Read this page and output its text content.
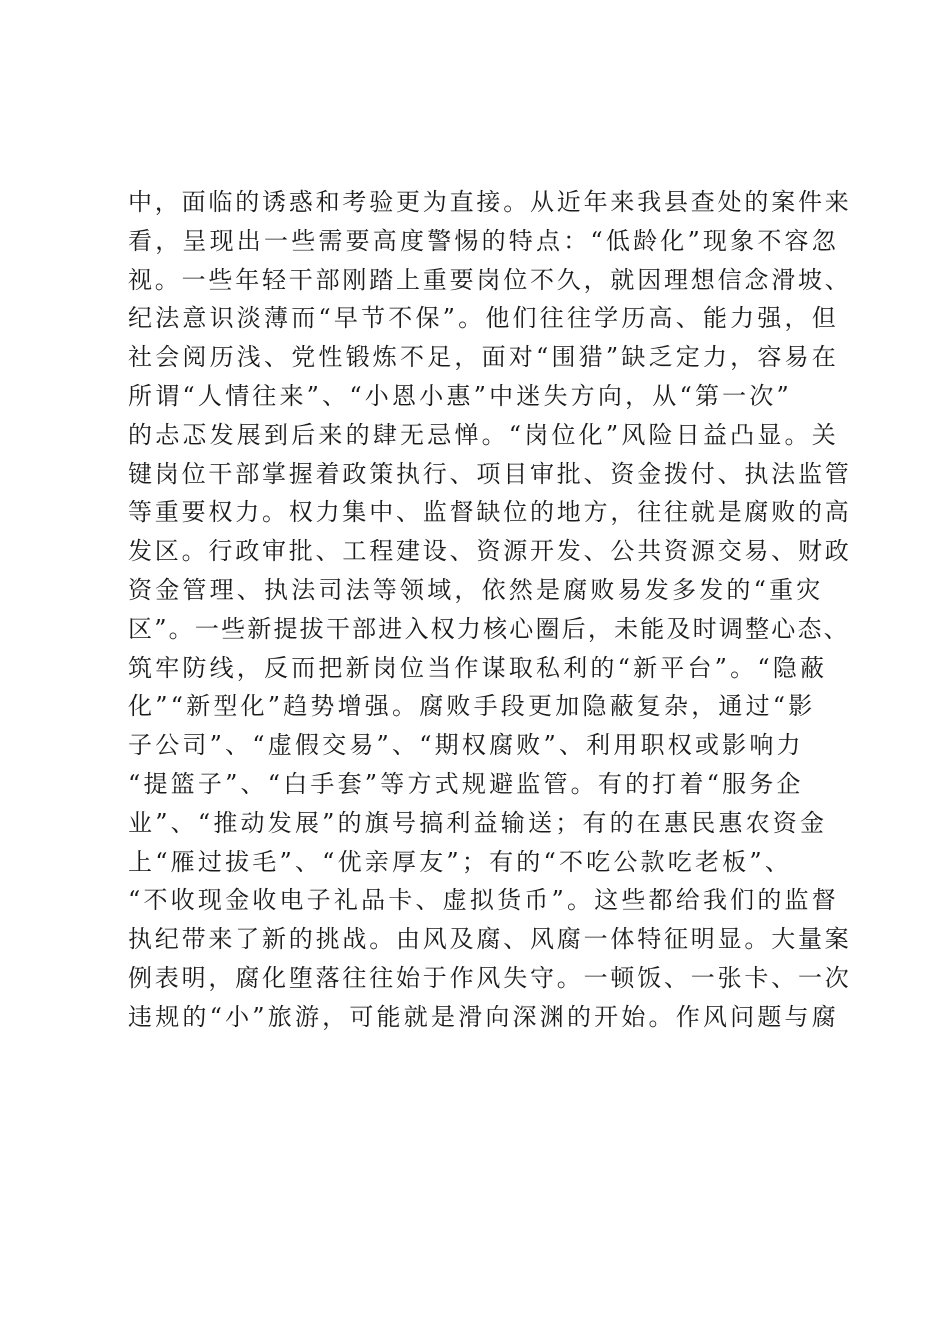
中，面临的诱惑和考验更为直接。从近年来我县查处的案件来
看，呈现出一些需要高度警惕的特点：“低龄化”现象不容忽
视。一些年轻干部刚踏上重要岗位不久，就因理想信念滑坡、
纪法意识淡薄而“早节不保”。他们往往学历高、能力强，但
社会阅历浅、党性锻炼不足，面对“围猎”缺乏定力，容易在
所谓“人情往来”、“小恩小惠”中迷失方向，从“第一次”
的忐忑发展到后来的肆无忌惮。“岗位化”风险日益凸显。关
键岗位干部掌握着政策执行、项目审批、资金拨付、执法监管
等重要权力。权力集中、监督缺位的地方，往往就是腐败的高
发区。行政审批、工程建设、资源开发、公共资源交易、财政
资金管理、执法司法等领域，依然是腐败易发多发的“重灾
区”。一些新提拔干部进入权力核心圈后，未能及时调整心态、
筑牢防线，反而把新岗位当作谋取私利的“新平台”。“隐蔽
化”“新型化”趋势增强。腐败手段更加隐蔽复杂，通过“影
子公司”、“虚假交易”、“期权腐败”、利用职权或影响力
“提篮子”、“白手套”等方式规避监管。有的打着“服务企
业”、“推动发展”的旗号搞利益输送；有的在惠民惠农资金
上“雁过拔毛”、“优亲厚友”；有的“不吃公款吃老板”、
“不收现金收电子礼品卡、虚拟货币”。这些都给我们的监督
执纪带来了新的挑战。由风及腐、风腐一体特征明显。大量案
例表明，腐化堕落往往始于作风失守。一顿饭、一张卡、一次
违规的“小”旅游，可能就是滑向深渊的开始。作风问题与腐
